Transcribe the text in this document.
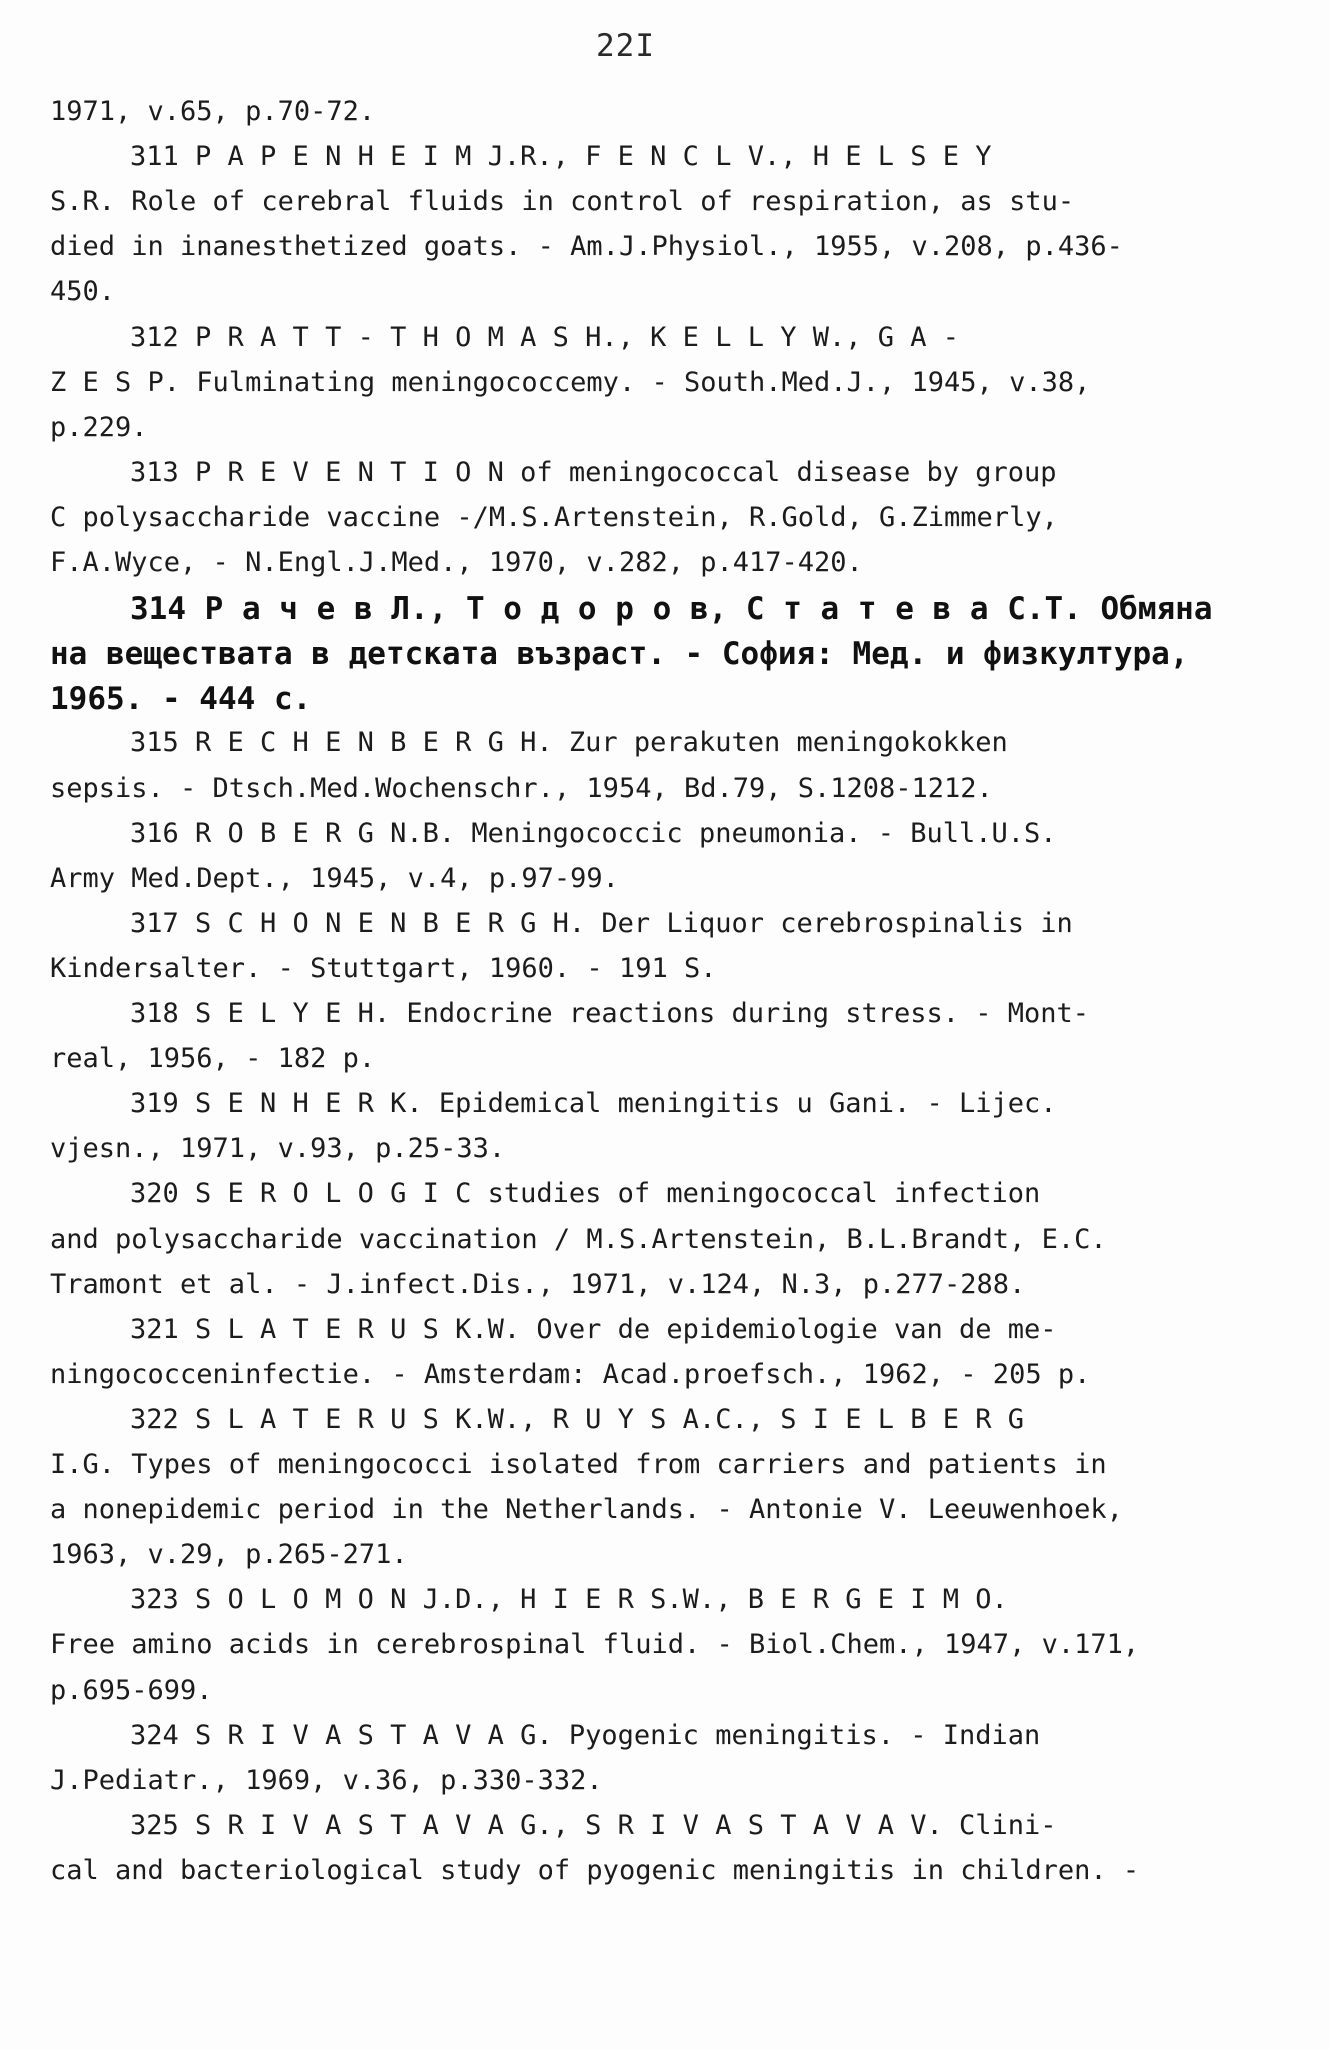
22I
1971, v.65, p.70-72.
311 P A P E N H E I M J.R., F E N C L V., H E L S E Y
S.R. Role of cerebral fluids in control of respiration, as stu-
died in inanesthetized goats. - Am.J.Physiol., 1955, v.208, p.436-
450.
312 P R A T T - T H O M A S H., K E L L Y W., G A -
Z E S P. Fulminating meningococcemy. - South.Med.J., 1945, v.38,
p.229.
313 P R E V E N T I O N of meningococcal disease by group
C polysaccharide vaccine -/M.S.Artenstein, R.Gold, G.Zimmerly,
F.A.Wyce, - N.Engl.J.Med., 1970, v.282, p.417-420.
314 Р а ч е в Л., Т о д о р о в, С т а т е в а С.Т. Обмяна
на веществата в детската възраст. - София: Мед. и физкултура,
1965. - 444 с.
315 R E C H E N B E R G H. Zur perakuten meningokokken
sepsis. - Dtsch.Med.Wochenschr., 1954, Bd.79, S.1208-1212.
316 R O B E R G N.B. Meningococcic pneumonia. - Bull.U.S.
Army Med.Dept., 1945, v.4, p.97-99.
317 S C H O N E N B E R G H. Der Liquor cerebrospinalis in
Kindersalter. - Stuttgart, 1960. - 191 S.
318 S E L Y E H. Endocrine reactions during stress. - Mont-
real, 1956, - 182 p.
319 S E N H E R K. Epidemical meningitis u Gani. - Lijec.
vjesn., 1971, v.93, p.25-33.
320 S E R O L O G I C studies of meningococcal infection
and polysaccharide vaccination / M.S.Artenstein, B.L.Brandt, E.C.
Tramont et al. - J.infect.Dis., 1971, v.124, N.3, p.277-288.
321 S L A T E R U S K.W. Over de epidemiologie van de me-
ningococceninfectie. - Amsterdam: Acad.proefsch., 1962, - 205 p.
322 S L A T E R U S K.W., R U Y S A.C., S I E L B E R G
I.G. Types of meningococci isolated from carriers and patients in
a nonepidemic period in the Netherlands. - Antonie V. Leeuwenhoek,
1963, v.29, p.265-271.
323 S O L O M O N J.D., H I E R S.W., B E R G E I M O.
Free amino acids in cerebrospinal fluid. - Biol.Chem., 1947, v.171,
p.695-699.
324 S R I V A S T A V A G. Pyogenic meningitis. - Indian
J.Pediatr., 1969, v.36, p.330-332.
325 S R I V A S T A V A G., S R I V A S T A V A V. Clini-
cal and bacteriological study of pyogenic meningitis in children. -
